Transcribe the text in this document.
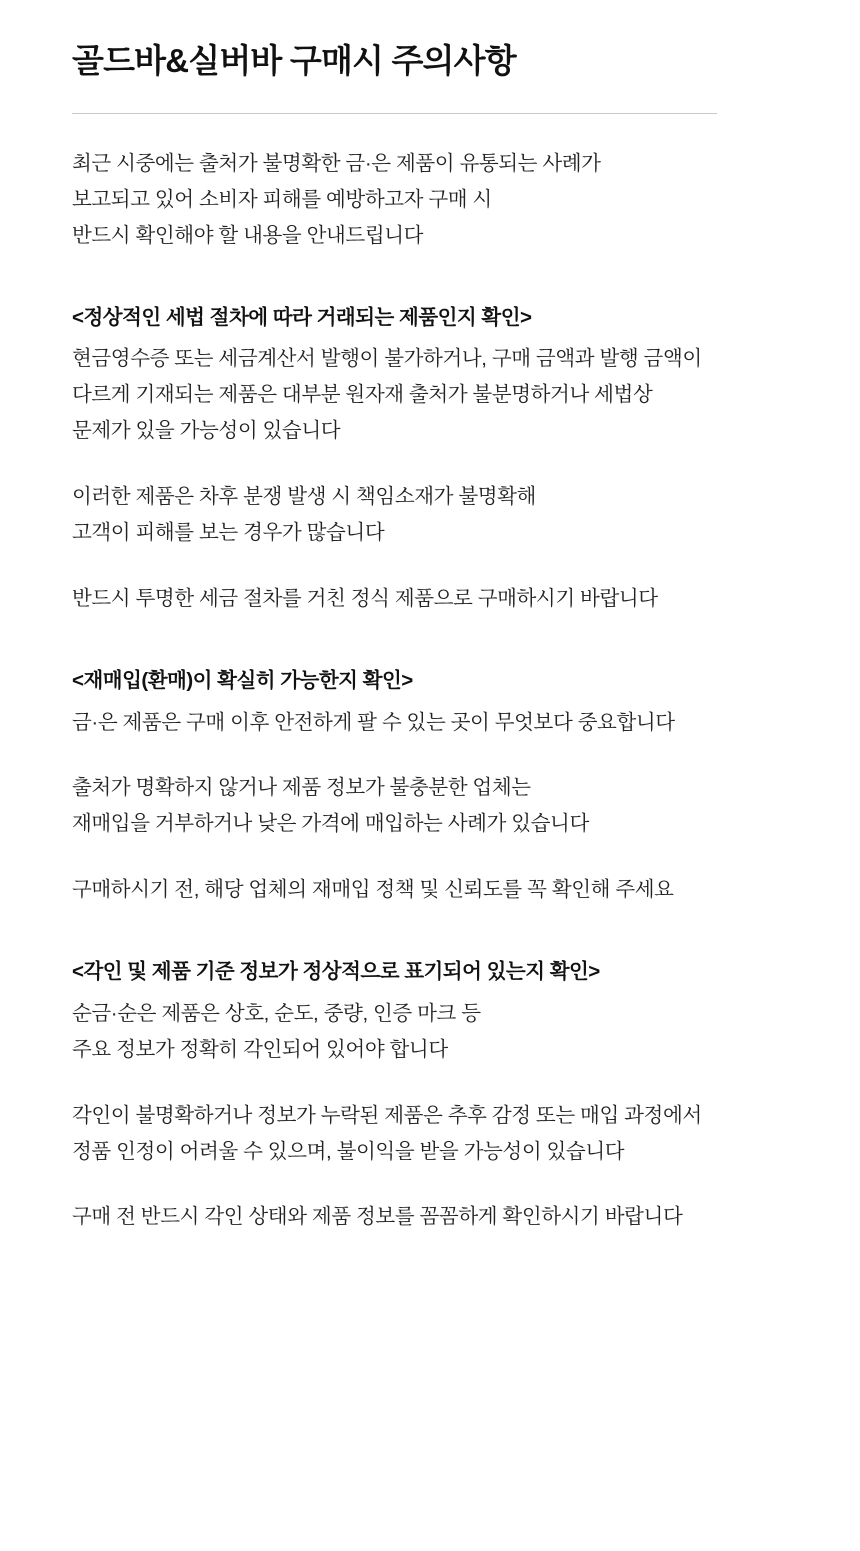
골드바&실버바 구매시 주의사항

최근 시중에는 출처가 불명확한 금·은 제품이 유통되는 사례가

보고되고 있어 소비자 피해를 예방하고자 구매 시

반드시 확인해야 할 내용을 안내드립니다

<정상적인 세법 절차에 따라 거래되는 제품인지 확인>

현금영수증 또는 세금계산서 발행이 불가하거나, 구매 금액과 발행 금액이

다르게 기재되는 제품은 대부분 원자재 출처가 불분명하거나 세법상

문제가 있을 가능성이 있습니다

이러한 제품은 차후 분쟁 발생 시 책임소재가 불명확해

고객이 피해를 보는 경우가 많습니다

반드시 투명한 세금 절차를 거친 정식 제품으로 구매하시기 바랍니다

<재매입(환매)이 확실히 가능한지 확인>

금·은 제품은 구매 이후 안전하게 팔 수 있는 곳이 무엇보다 중요합니다

출처가 명확하지 않거나 제품 정보가 불충분한 업체는

재매입을 거부하거나 낮은 가격에 매입하는 사례가 있습니다

구매하시기 전, 해당 업체의 재매입 정책 및 신뢰도를 꼭 확인해 주세요

<각인 및 제품 기준 정보가 정상적으로 표기되어 있는지 확인>

순금·순은 제품은 상호, 순도, 중량, 인증 마크 등

주요 정보가 정확히 각인되어 있어야 합니다

각인이 불명확하거나 정보가 누락된 제품은 추후 감정 또는 매입 과정에서

정품 인정이 어려울 수 있으며, 불이익을 받을 가능성이 있습니다

구매 전 반드시 각인 상태와 제품 정보를 꼼꼼하게 확인하시기 바랍니다
